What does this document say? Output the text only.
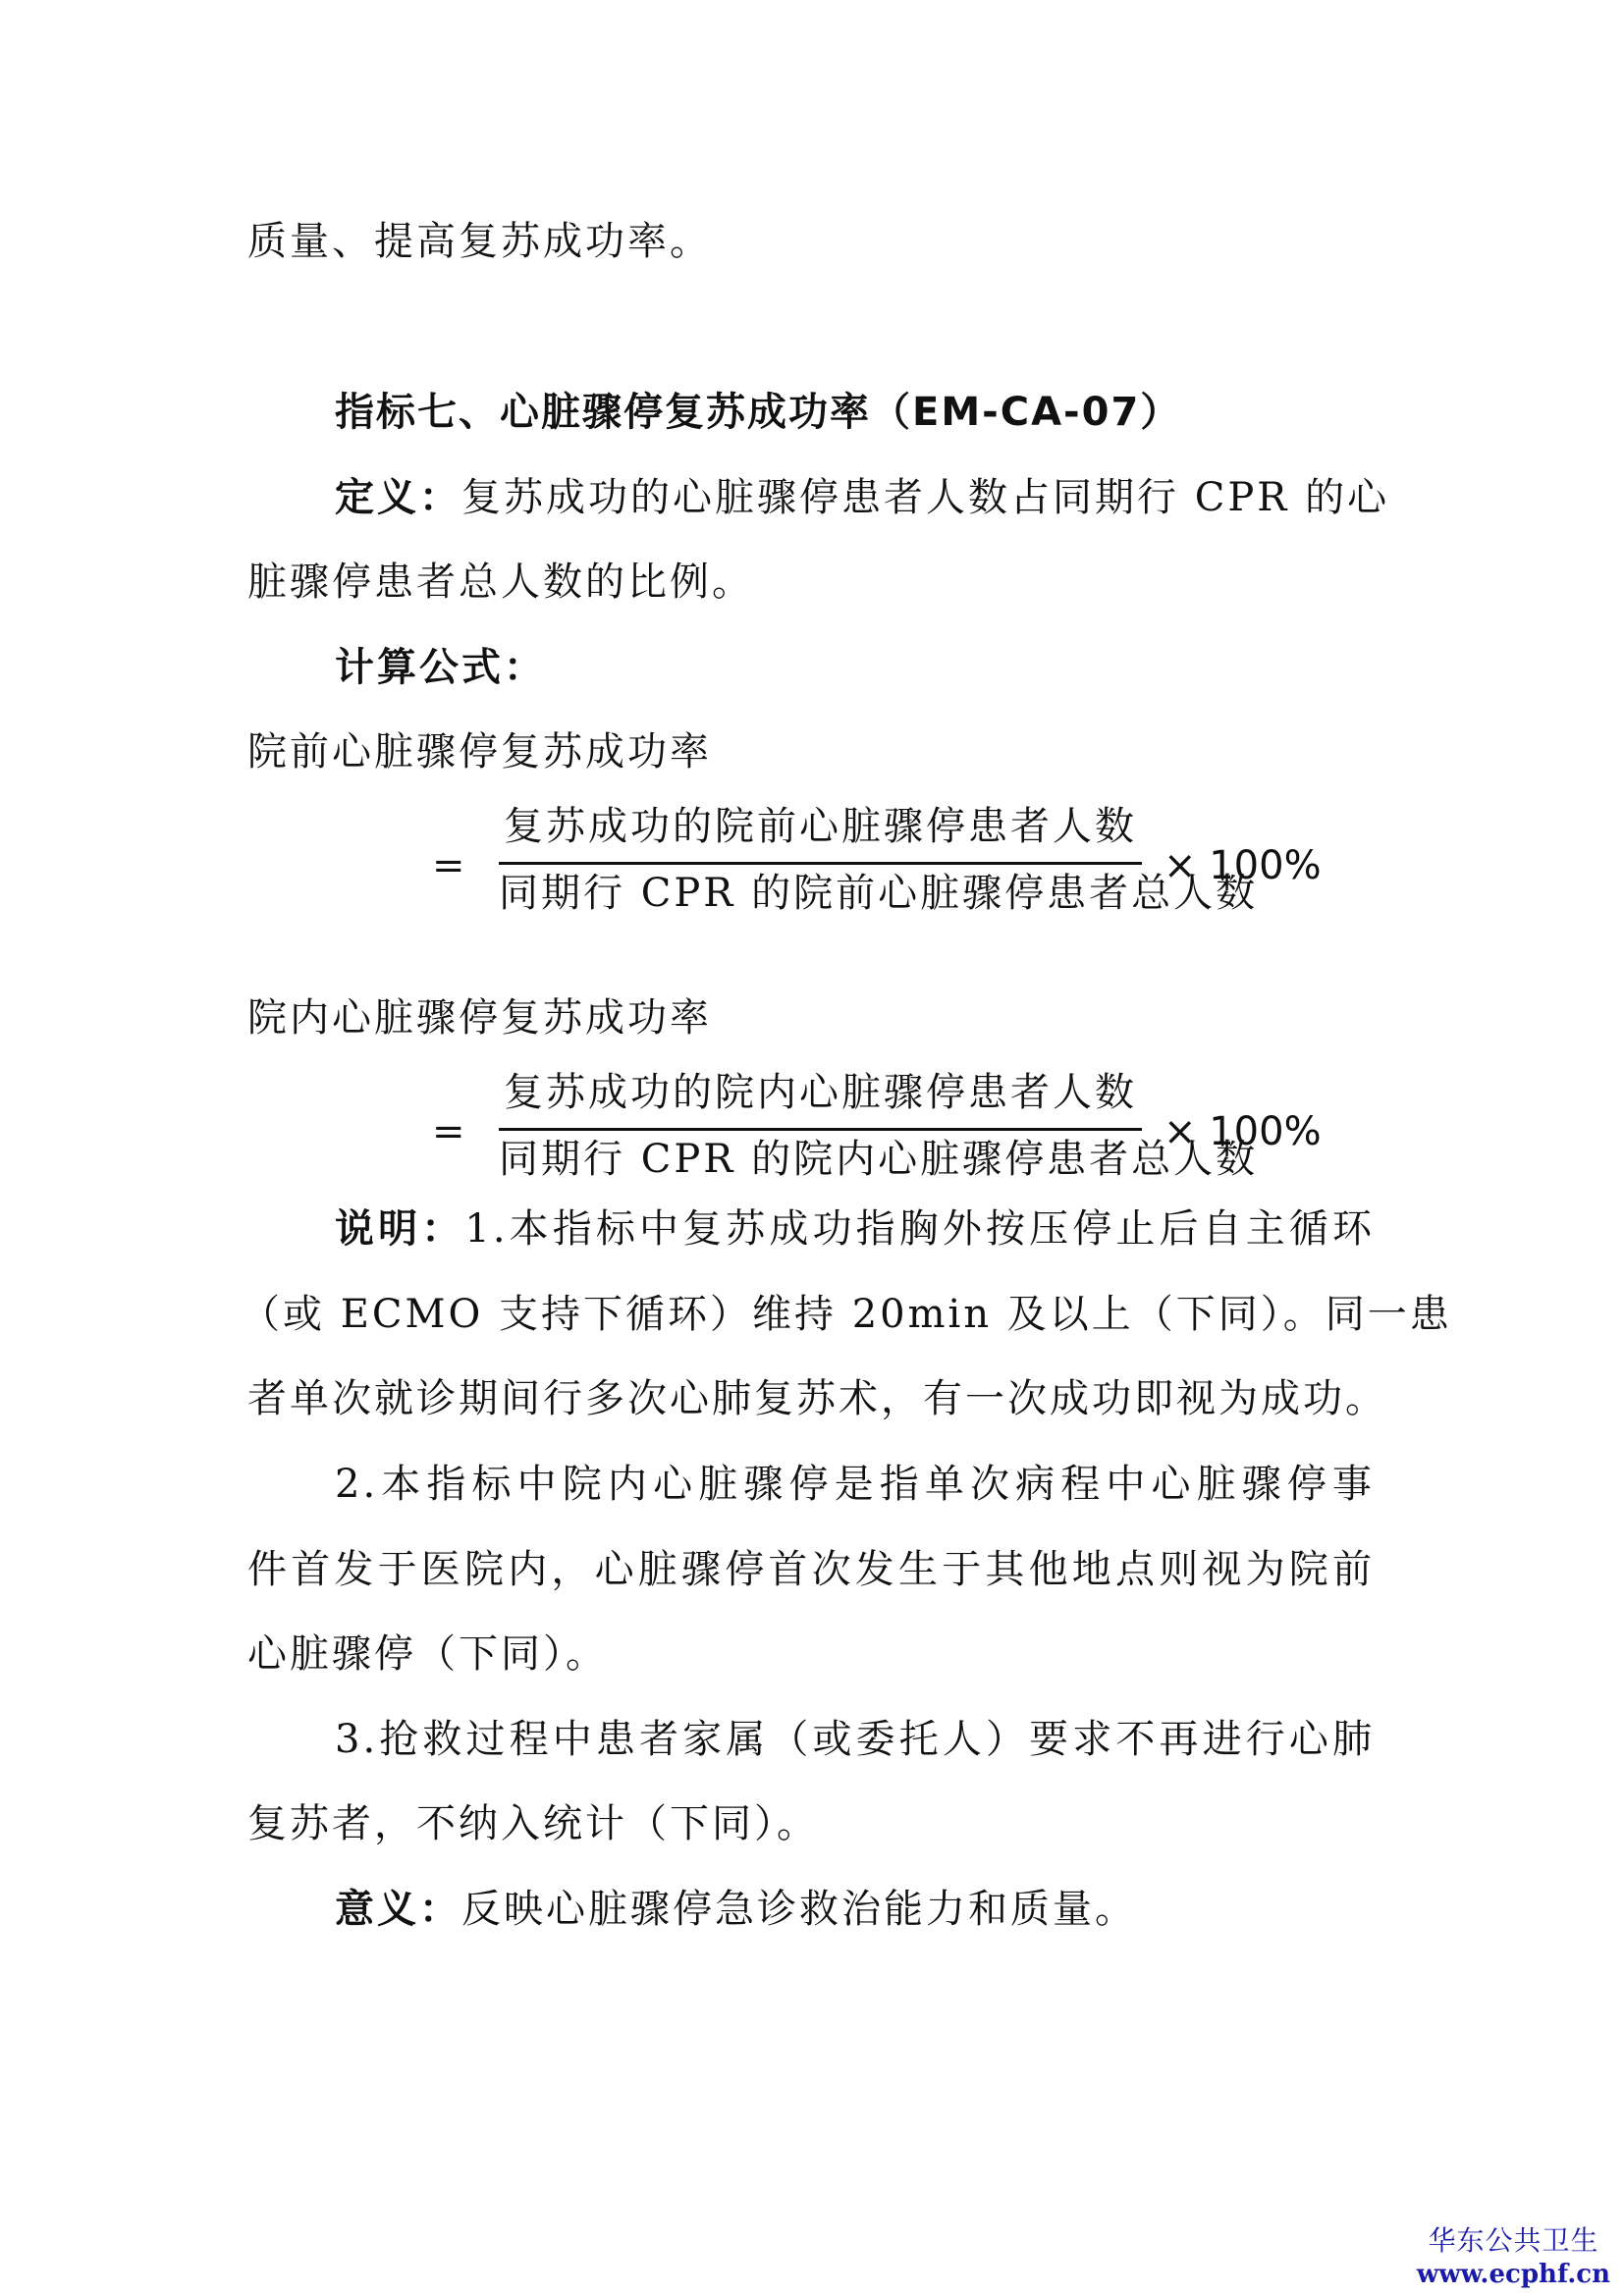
质量、提高复苏成功率。
指标七、心脏骤停复苏成功率（EM-CA-07）
定义：复苏成功的心脏骤停患者人数占同期行 CPR 的心
脏骤停患者总人数的比例。
计算公式：
院前心脏骤停复苏成功率
=
复苏成功的院前心脏骤停患者人数
同期行 CPR 的院前心脏骤停患者总人数
× 100%
院内心脏骤停复苏成功率
=
复苏成功的院内心脏骤停患者人数
同期行 CPR 的院内心脏骤停患者总人数
× 100%
说明：1.本指标中复苏成功指胸外按压停止后自主循环
（或 ECMO 支持下循环）维持 20min 及以上（下同）。同一患
者单次就诊期间行多次心肺复苏术，有一次成功即视为成功。
2.本指标中院内心脏骤停是指单次病程中心脏骤停事
件首发于医院内，心脏骤停首次发生于其他地点则视为院前
心脏骤停（下同）。
3.抢救过程中患者家属（或委托人）要求不再进行心肺
复苏者，不纳入统计（下同）。
意义：反映心脏骤停急诊救治能力和质量。
华东公共卫生
www.ecphf.cn
